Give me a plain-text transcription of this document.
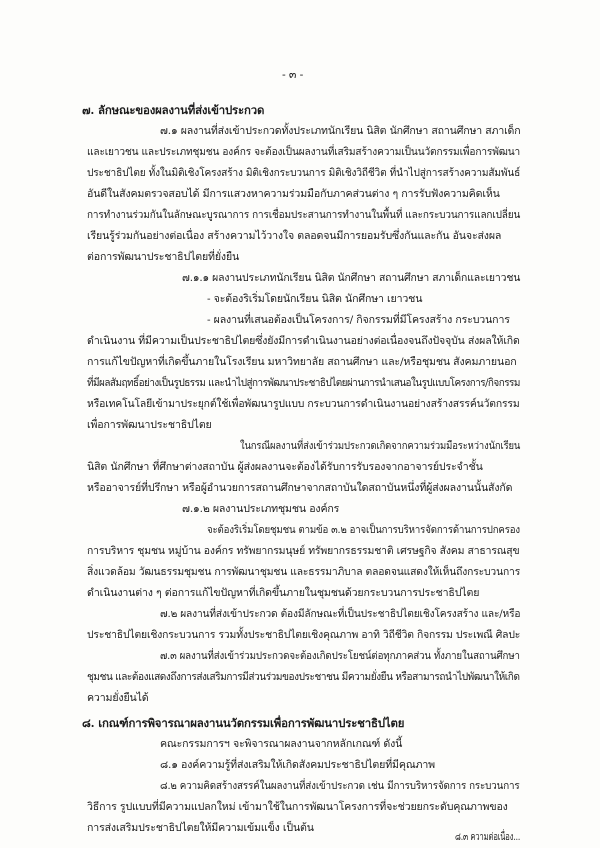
- ๓ -
๗. ลักษณะของผลงานที่ส่งเข้าประกวด
๗.๑ ผลงานที่ส่งเข้าประกวดทั้งประเภทนักเรียน นิสิต นักศึกษา สถานศึกษา สภาเด็ก
และเยาวชน และประเภทชุมชน องค์กร จะต้องเป็นผลงานที่เสริมสร้างความเป็นนวัตกรรมเพื่อการพัฒนา
ประชาธิปไตย ทั้งในมิติเชิงโครงสร้าง มิติเชิงกระบวนการ มิติเชิงวิถีชีวิต ที่นำไปสู่การสร้างความสัมพันธ์
อันดีในสังคมตรวจสอบได้ มีการแสวงหาความร่วมมือกับภาคส่วนต่าง ๆ การรับฟังความคิดเห็น
การทำงานร่วมกันในลักษณะบูรณาการ การเชื่อมประสานการทำงานในพื้นที่ และกระบวนการแลกเปลี่ยน
เรียนรู้ร่วมกันอย่างต่อเนื่อง สร้างความไว้วางใจ ตลอดจนมีการยอมรับซึ่งกันและกัน อันจะส่งผล
ต่อการพัฒนาประชาธิปไตยที่ยั่งยืน
๗.๑.๑ ผลงานประเภทนักเรียน นิสิต นักศึกษา สถานศึกษา สภาเด็กและเยาวชน
- จะต้องริเริ่มโดยนักเรียน นิสิต นักศึกษา เยาวชน
- ผลงานที่เสนอต้องเป็นโครงการ/ กิจกรรมที่มีโครงสร้าง กระบวนการ
ดำเนินงาน ที่มีความเป็นประชาธิปไตยซึ่งยังมีการดำเนินงานอย่างต่อเนื่องจนถึงปัจจุบัน ส่งผลให้เกิด
การแก้ไขปัญหาที่เกิดขึ้นภายในโรงเรียน มหาวิทยาลัย สถานศึกษา และ/หรือชุมชน สังคมภายนอก
ที่มีผลสัมฤทธิ์อย่างเป็นรูปธรรม และนำไปสู่การพัฒนาประชาธิปไตยผ่านการนำเสนอในรูปแบบโครงการ/กิจกรรม
หรือเทคโนโลยีเข้ามาประยุกต์ใช้เพื่อพัฒนารูปแบบ กระบวนการดำเนินงานอย่างสร้างสรรค์นวัตกรรม
เพื่อการพัฒนาประชาธิปไตย
ในกรณีผลงานที่ส่งเข้าร่วมประกวดเกิดจากความร่วมมือระหว่างนักเรียน
นิสิต นักศึกษา ที่ศึกษาต่างสถาบัน ผู้ส่งผลงานจะต้องได้รับการรับรองจากอาจารย์ประจำชั้น
หรืออาจารย์ที่ปรึกษา หรือผู้อำนวยการสถานศึกษาจากสถาบันใดสถาบันหนึ่งที่ผู้ส่งผลงานนั้นสังกัด
๗.๑.๒ ผลงานประเภทชุมชน องค์กร
จะต้องริเริ่มโดยชุมชน ตามข้อ ๓.๒ อาจเป็นการบริหารจัดการด้านการปกครอง
การบริหาร ชุมชน หมู่บ้าน องค์กร ทรัพยากรมนุษย์ ทรัพยากรธรรมชาติ เศรษฐกิจ สังคม สาธารณสุข
สิ่งแวดล้อม วัฒนธรรมชุมชน การพัฒนาชุมชน และธรรมาภิบาล ตลอดจนแสดงให้เห็นถึงกระบวนการ
ดำเนินงานต่าง ๆ ต่อการแก้ไขปัญหาที่เกิดขึ้นภายในชุมชนด้วยกระบวนการประชาธิปไตย
๗.๒ ผลงานที่ส่งเข้าประกวด ต้องมีลักษณะที่เป็นประชาธิปไตยเชิงโครงสร้าง และ/หรือ
ประชาธิปไตยเชิงกระบวนการ รวมทั้งประชาธิปไตยเชิงคุณภาพ อาทิ วิถีชีวิต กิจกรรม ประเพณี ศิลปะ
๗.๓ ผลงานที่ส่งเข้าร่วมประกวดจะต้องเกิดประโยชน์ต่อทุกภาคส่วน ทั้งภายในสถานศึกษา
ชุมชน และต้องแสดงถึงการส่งเสริมการมีส่วนร่วมของประชาชน มีความยั่งยืน หรือสามารถนำไปพัฒนาให้เกิด
ความยั่งยืนได้
๘. เกณฑ์การพิจารณาผลงานนวัตกรรมเพื่อการพัฒนาประชาธิปไตย
คณะกรรมการฯ จะพิจารณาผลงานจากหลักเกณฑ์ ดังนี้
๘.๑ องค์ความรู้ที่ส่งเสริมให้เกิดสังคมประชาธิปไตยที่มีคุณภาพ
๘.๒ ความคิดสร้างสรรค์ในผลงานที่ส่งเข้าประกวด เช่น มีการบริหารจัดการ กระบวนการ
วิธีการ รูปแบบที่มีความแปลกใหม่ เข้ามาใช้ในการพัฒนาโครงการที่จะช่วยยกระดับคุณภาพของ
การส่งเสริมประชาธิปไตยให้มีความเข้มแข็ง เป็นต้น
๘.๓ ความต่อเนื่อง...
